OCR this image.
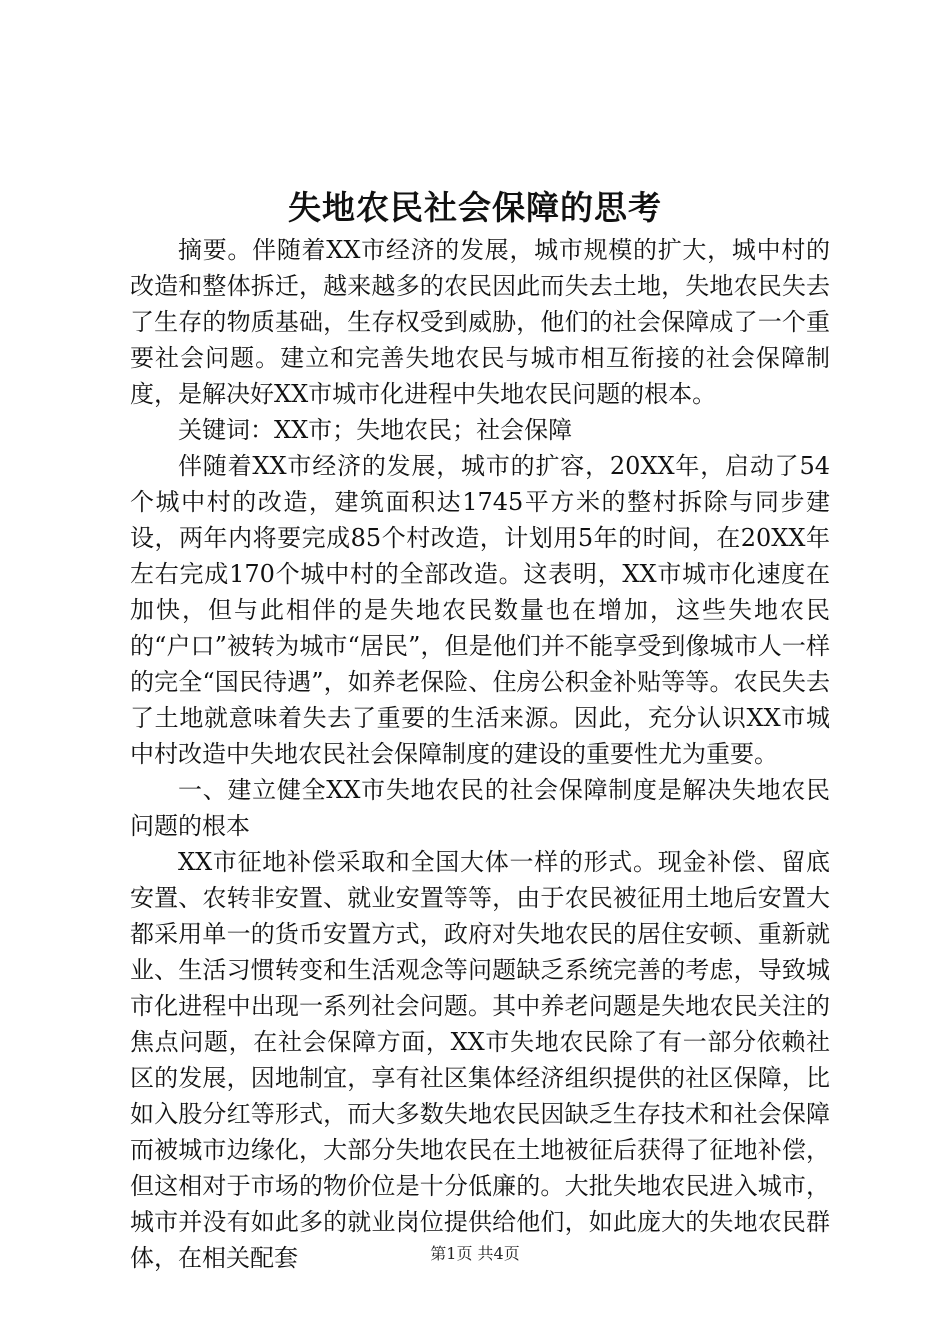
失地农民社会保障的思考

摘要。伴随着XX市经济的发展，城市规模的扩大，城中村的改造和整体拆迁，越来越多的农民因此而失去土地，失地农民失去了生存的物质基础，生存权受到威胁，他们的社会保障成了一个重要社会问题。建立和完善失地农民与城市相互衔接的社会保障制度，是解决好XX市城市化进程中失地农民问题的根本。

关键词：XX市；失地农民；社会保障

伴随着XX市经济的发展，城市的扩容，20XX年，启动了54个城中村的改造，建筑面积达1745平方米的整村拆除与同步建设，两年内将要完成85个村改造，计划用5年的时间，在20XX年左右完成170个城中村的全部改造。这表明，XX市城市化速度在加快，但与此相伴的是失地农民数量也在增加，这些失地农民的“户口”被转为城市“居民”，但是他们并不能享受到像城市人一样的完全“国民待遇”，如养老保险、住房公积金补贴等等。农民失去了土地就意味着失去了重要的生活来源。因此，充分认识XX市城中村改造中失地农民社会保障制度的建设的重要性尤为重要。

一、建立健全XX市失地农民的社会保障制度是解决失地农民问题的根本

XX市征地补偿采取和全国大体一样的形式。现金补偿、留底安置、农转非安置、就业安置等等，由于农民被征用土地后安置大都采用单一的货币安置方式，政府对失地农民的居住安顿、重新就业、生活习惯转变和生活观念等问题缺乏系统完善的考虑，导致城市化进程中出现一系列社会问题。其中养老问题是失地农民关注的焦点问题，在社会保障方面，XX市失地农民除了有一部分依赖社区的发展，因地制宜，享有社区集体经济组织提供的社区保障，比如入股分红等形式，而大多数失地农民因缺乏生存技术和社会保障而被城市边缘化，大部分失地农民在土地被征后获得了征地补偿，但这相对于市场的物价位是十分低廉的。大批失地农民进入城市，城市并没有如此多的就业岗位提供给他们，如此庞大的失地农民群体，在相关配套	第1页 共4页
